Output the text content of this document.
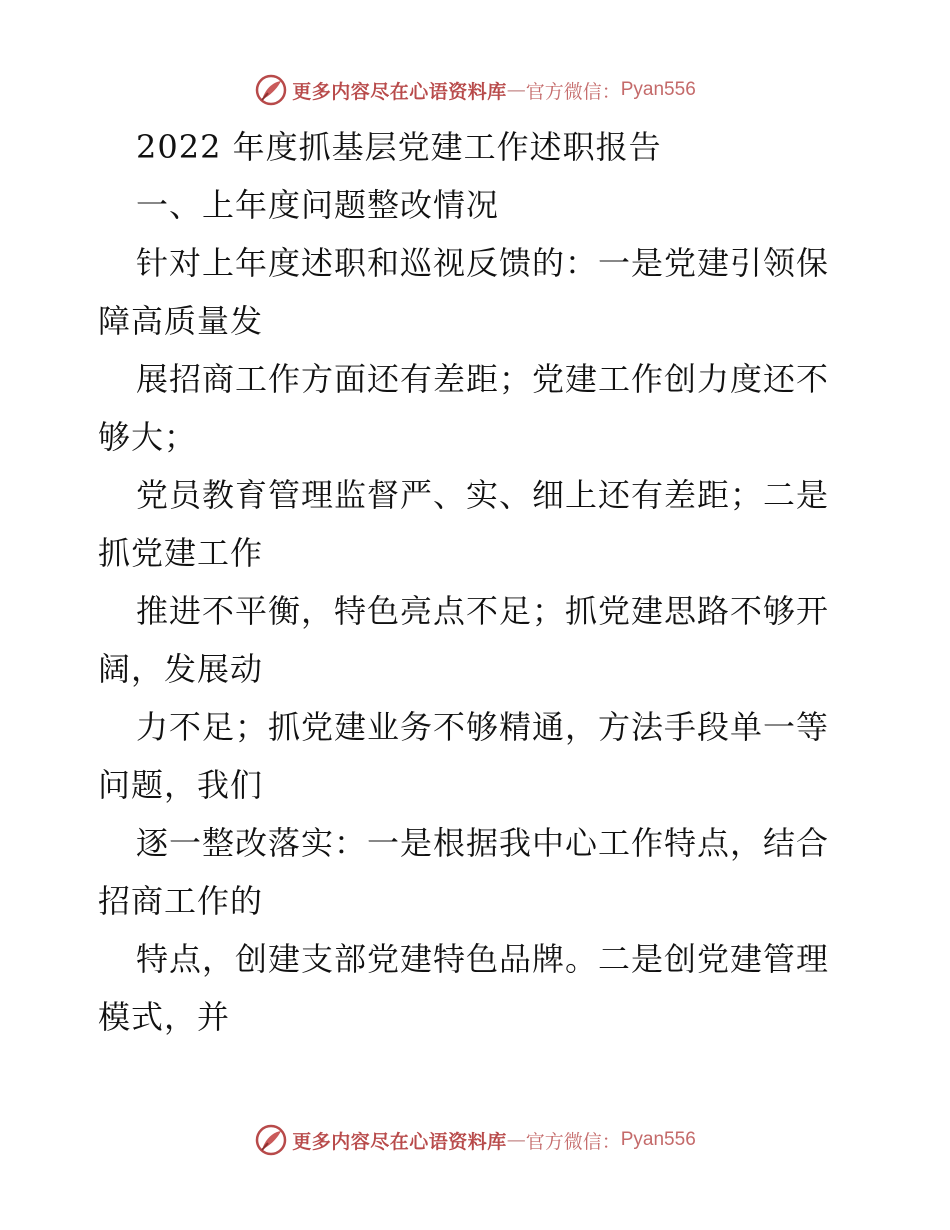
更多内容尽在心语资料库 — 官方微信： Pyan556
2022 年度抓基层党建工作述职报告
一、上年度问题整改情况
针对上年度述职和巡视反馈的：一是党建引领保
障高质量发
展招商工作方面还有差距；党建工作创力度还不
够大；
党员教育管理监督严、实、细上还有差距；二是
抓党建工作
推进不平衡，特色亮点不足；抓党建思路不够开
阔，发展动
力不足；抓党建业务不够精通，方法手段单一等
问题，我们
逐一整改落实：一是根据我中心工作特点，结合
招商工作的
特点，创建支部党建特色品牌。二是创党建管理
模式，并
更多内容尽在心语资料库 — 官方微信： Pyan556
